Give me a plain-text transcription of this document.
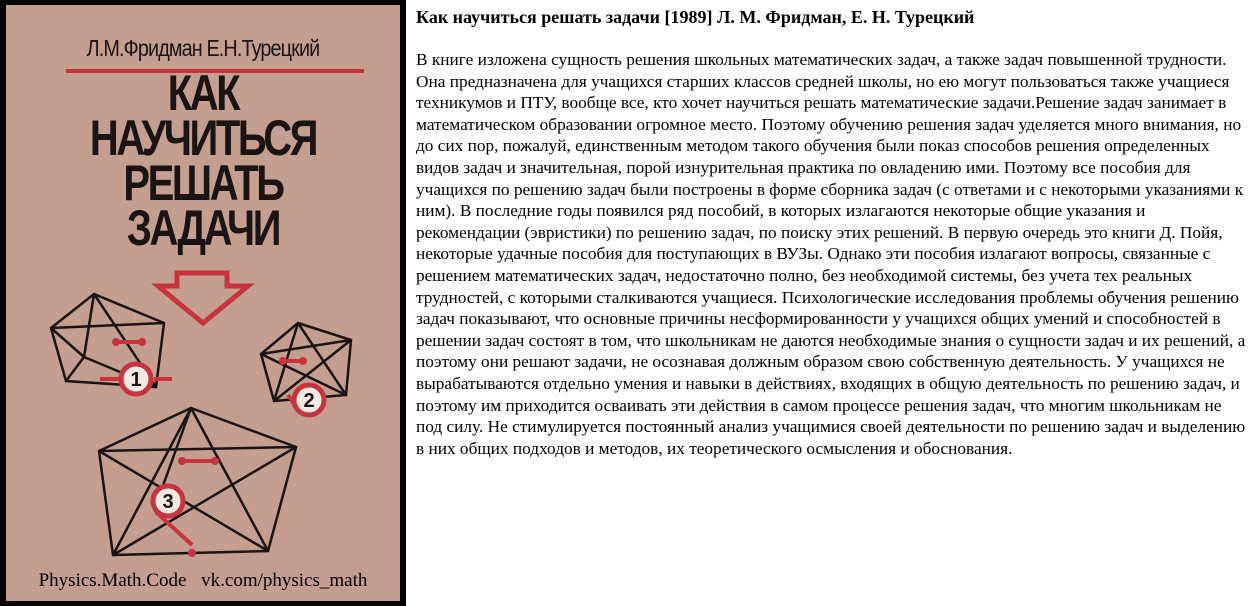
Л.М.Фридман Е.Н.Турецкий
КАК
НАУЧИТЬСЯ
РЕШАТЬ
ЗАДАЧИ
1
2
3
Physics.Math.Code vk.com/physics_math

Как научиться решать задачи [1989] Л. М. Фридман, Е. Н. Турецкий

В книге изложена сущность решения школьных математических задач, а также задач повышенной трудности. Она предназначена для учащихся старших классов средней школы, но ею могут пользоваться также учащиеся техникумов и ПТУ, вообще все, кто хочет научиться решать математические задачи.Решение задач занимает в математическом образовании огромное место. Поэтому обучению решения задач уделяется много внимания, но до сих пор, пожалуй, единственным методом такого обучения были показ способов решения определенных видов задач и значительная, порой изнурительная практика по овладению ими. Поэтому все пособия для учащихся по решению задач были построены в форме сборника задач (с ответами и с некоторыми указаниями к ним). В последние годы появился ряд пособий, в которых излагаются некоторые общие указания и рекомендации (эвристики) по решению задач, по поиску этих решений. В первую очередь это книги Д. Пойя, некоторые удачные пособия для поступающих в ВУЗы. Однако эти пособия излагают вопросы, связанные с решением математических задач, недостаточно полно, без необходимой системы, без учета тех реальных трудностей, с которыми сталкиваются учащиеся. Психологические исследования проблемы обучения решению задач показывают, что основные причины несформированности у учащихся общих умений и способностей в решении задач состоят в том, что школьникам не даются необходимые знания о сущности задач и их решений, а поэтому они решают задачи, не осознавая должным образом свою собственную деятельность. У учащихся не вырабатываются отдельно умения и навыки в действиях, входящих в общую деятельность по решению задач, и поэтому им приходится осваивать эти действия в самом процессе решения задач, что многим школьникам не под силу. Не стимулируется постоянный анализ учащимися своей деятельности по решению задач и выделению в них общих подходов и методов, их теоретического осмысления и обоснования.
